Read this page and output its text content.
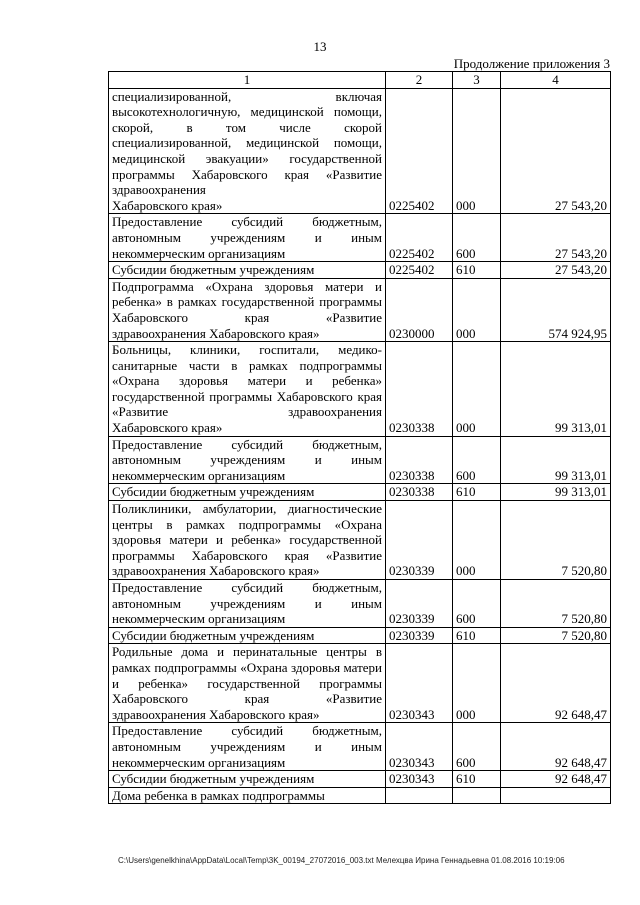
13
Продолжение приложения 3
1	2	3	4
специализированной, включая высокотехнологичную, медицинской помощи, скорой, в том числе скорой специализированной, медицинской помощи, медицинской эвакуации» государственной программы Хабаровского края «Развитие здравоохранения
Хабаровского края»	0225402	000	27 543,20
Предоставление субсидий бюджетным, автономным учреждениям и иным
некоммерческим организациям	0225402	600	27 543,20

Субсидии бюджетным учреждениям	0225402	610	27 543,20
Подпрограмма «Охрана здоровья матери и ребенка» в рамках государственной программы Хабаровского края «Развитие
здравоохранения Хабаровского края»	0230000	000	574 924,95
Больницы, клиники, госпитали, медико- санитарные части в рамках подпрограммы «Охрана здоровья матери и ребенка» государственной программы Хабаровского края «Развитие здравоохранения
Хабаровского края»	0230338	000	99 313,01
Предоставление субсидий бюджетным, автономным учреждениям и иным
некоммерческим организациям	0230338	600	99 313,01

Субсидии бюджетным учреждениям	0230338	610	99 313,01
Поликлиники, амбулатории, диагностические центры в рамках подпрограммы «Охрана здоровья матери и ребенка» государственной программы Хабаровского края «Развитие
здравоохранения Хабаровского края»	0230339	000	7 520,80
Предоставление субсидий бюджетным, автономным учреждениям и иным
некоммерческим организациям	0230339	600	7 520,80

Субсидии бюджетным учреждениям	0230339	610	7 520,80
Родильные дома и перинатальные центры в рамках подпрограммы «Охрана здоровья матери и ребенка» государственной программы Хабаровского края «Развитие
здравоохранения Хабаровского края»	0230343	000	92 648,47
Предоставление субсидий бюджетным, автономным учреждениям и иным
некоммерческим организациям	0230343	600	92 648,47

Субсидии бюджетным учреждениям	0230343	610	92 648,47

Дома ребенка в рамках подпрограммы			

C:\Users\genelkhina\AppData\Local\Temp\3K_00194_27072016_003.txt Мелехцва Ирина Геннадьевна 01.08.2016 10:19:06
